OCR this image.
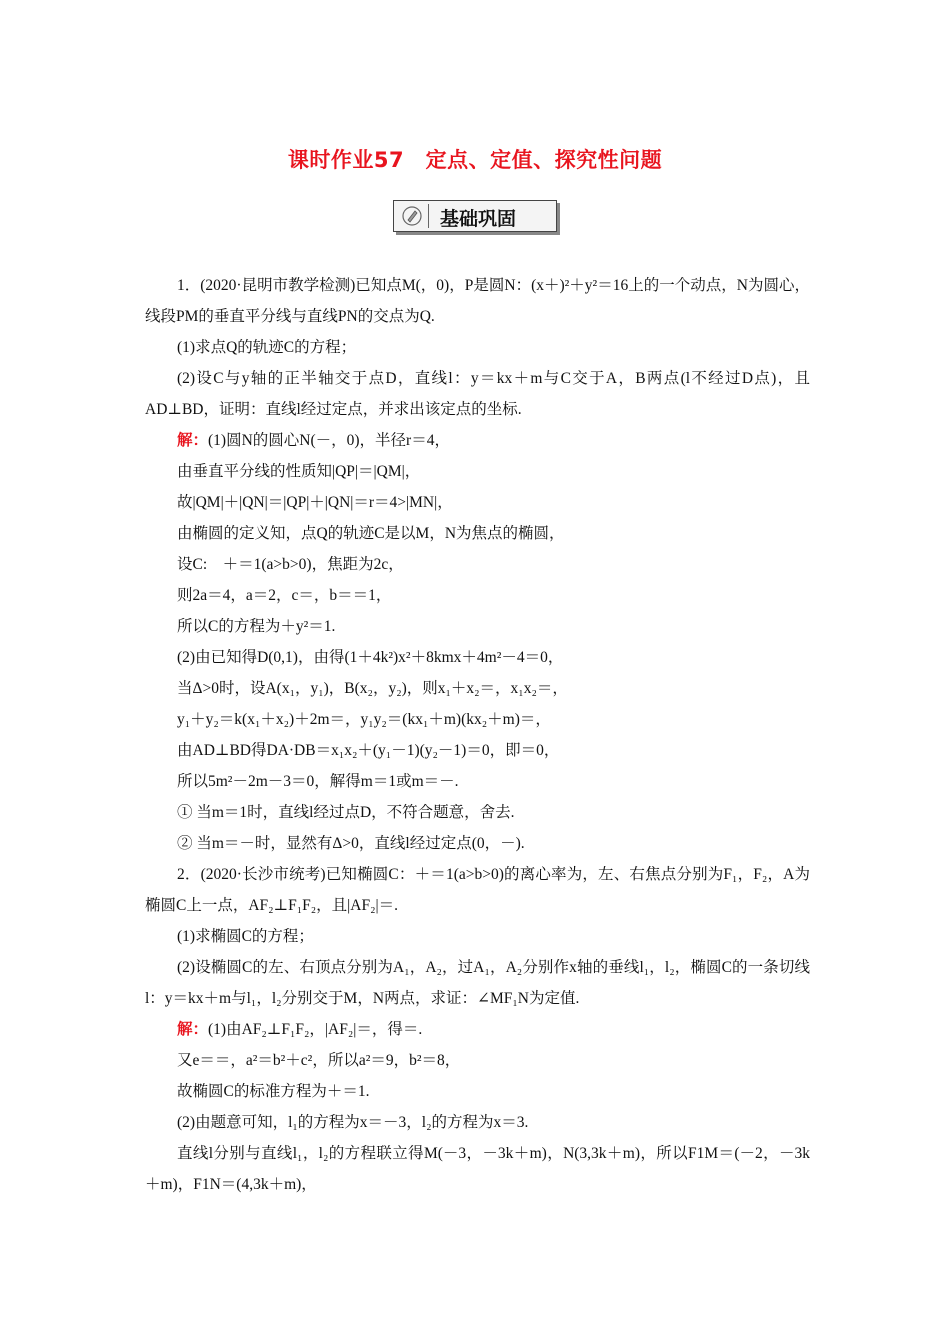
课时作业57　定点、定值、探究性问题
基础巩固

1．(2020·昆明市教学检测)已知点M(，0)，P是圆N：(x＋)²＋y²＝16上的一个动点，N为圆心，线段PM的垂直平分线与直线PN的交点为Q.

(1)求点Q的轨迹C的方程；

(2)设C与y轴的正半轴交于点D，直线l：y＝kx＋m与C交于A，B两点(l不经过D点)，且AD⊥BD，证明：直线l经过定点，并求出该定点的坐标.

解：(1)圆N的圆心N(－，0)，半径r＝4，

由垂直平分线的性质知|QP|＝|QM|，

故|QM|＋|QN|＝|QP|＋|QN|＝r＝4>|MN|，

由椭圆的定义知，点Q的轨迹C是以M，N为焦点的椭圆，

设C:　＋＝1(a>b>0)，焦距为2c，

则2a＝4，a＝2，c＝，b＝＝1，

所以C的方程为＋y²＝1.

(2)由已知得D(0,1)，由得(1＋4k²)x²＋8kmx＋4m²－4＝0，

当Δ>0时，设A(x₁，y₁)，B(x₂，y₂)，则x₁＋x₂＝，x₁x₂＝，

y₁＋y₂＝k(x₁＋x₂)＋2m＝，y₁y₂＝(kx₁＋m)(kx₂＋m)＝，

由AD⊥BD得DA·DB＝x₁x₂＋(y₁－1)(y₂－1)＝0，即＝0，

所以5m²－2m－3＝0，解得m＝1或m＝－.

① 当m＝1时，直线l经过点D，不符合题意，舍去.

② 当m＝－时，显然有Δ>0，直线l经过定点(0，－).

2．(2020·长沙市统考)已知椭圆C：＋＝1(a>b>0)的离心率为，左、右焦点分别为F₁，F₂，A为椭圆C上一点，AF₂⊥F₁F₂，且|AF₂|＝.

(1)求椭圆C的方程；

(2)设椭圆C的左、右顶点分别为A₁，A₂，过A₁，A₂分别作x轴的垂线l₁，l₂，椭圆C的一条切线l：y＝kx＋m与l₁，l₂分别交于M，N两点，求证：∠MF₁N为定值.

解：(1)由AF₂⊥F₁F₂，|AF₂|＝，得＝.

又e＝＝，a²＝b²＋c²，所以a²＝9，b²＝8，

故椭圆C的标准方程为＋＝1.

(2)由题意可知，l₁的方程为x＝－3，l₂的方程为x＝3.

直线l分别与直线l₁，l₂的方程联立得M(－3，－3k＋m)，N(3,3k＋m)，所以F1M＝(－2，－3k＋m)，F1N＝(4,3k＋m)，
